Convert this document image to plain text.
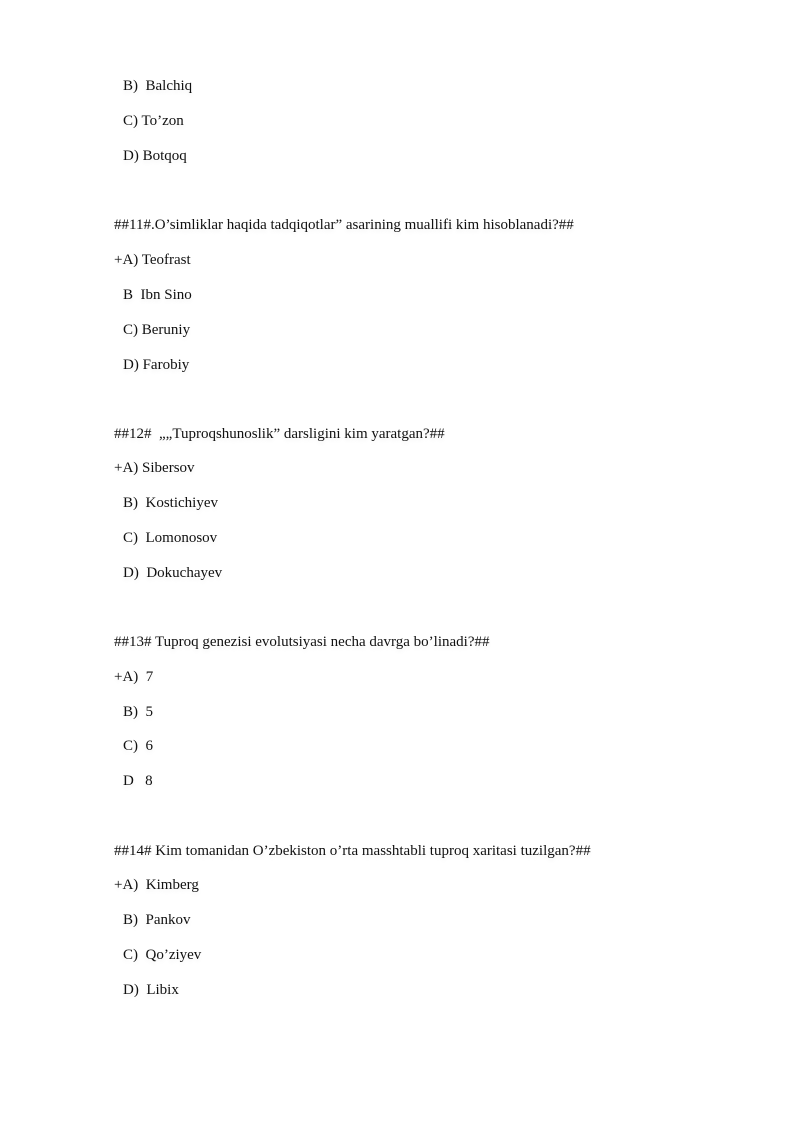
B)  Balchiq
C) To’zon
D) Botqoq
##11#.O’simliklar haqida tadqiqotlar” asarining muallifi kim hisoblanadi?##
+A) Teofrast
B  Ibn Sino
C) Beruniy
D) Farobiy
##12#  „„Tuproqshunoslik” darsligini kim yaratgan?##
+A) Sibersov
B)  Kostichiyev
C)  Lomonosov
D)  Dokuchayev
##13# Tuproq genezisi evolutsiyasi necha davrga bo’linadi?##
+A)  7
B)  5
C)  6
D   8
##14# Kim tomanidan O’zbekiston o’rta masshtabli tuproq xaritasi tuzilgan?##
+A)  Kimberg
B)  Pankov
C)  Qo’ziyev
D)  Libix
